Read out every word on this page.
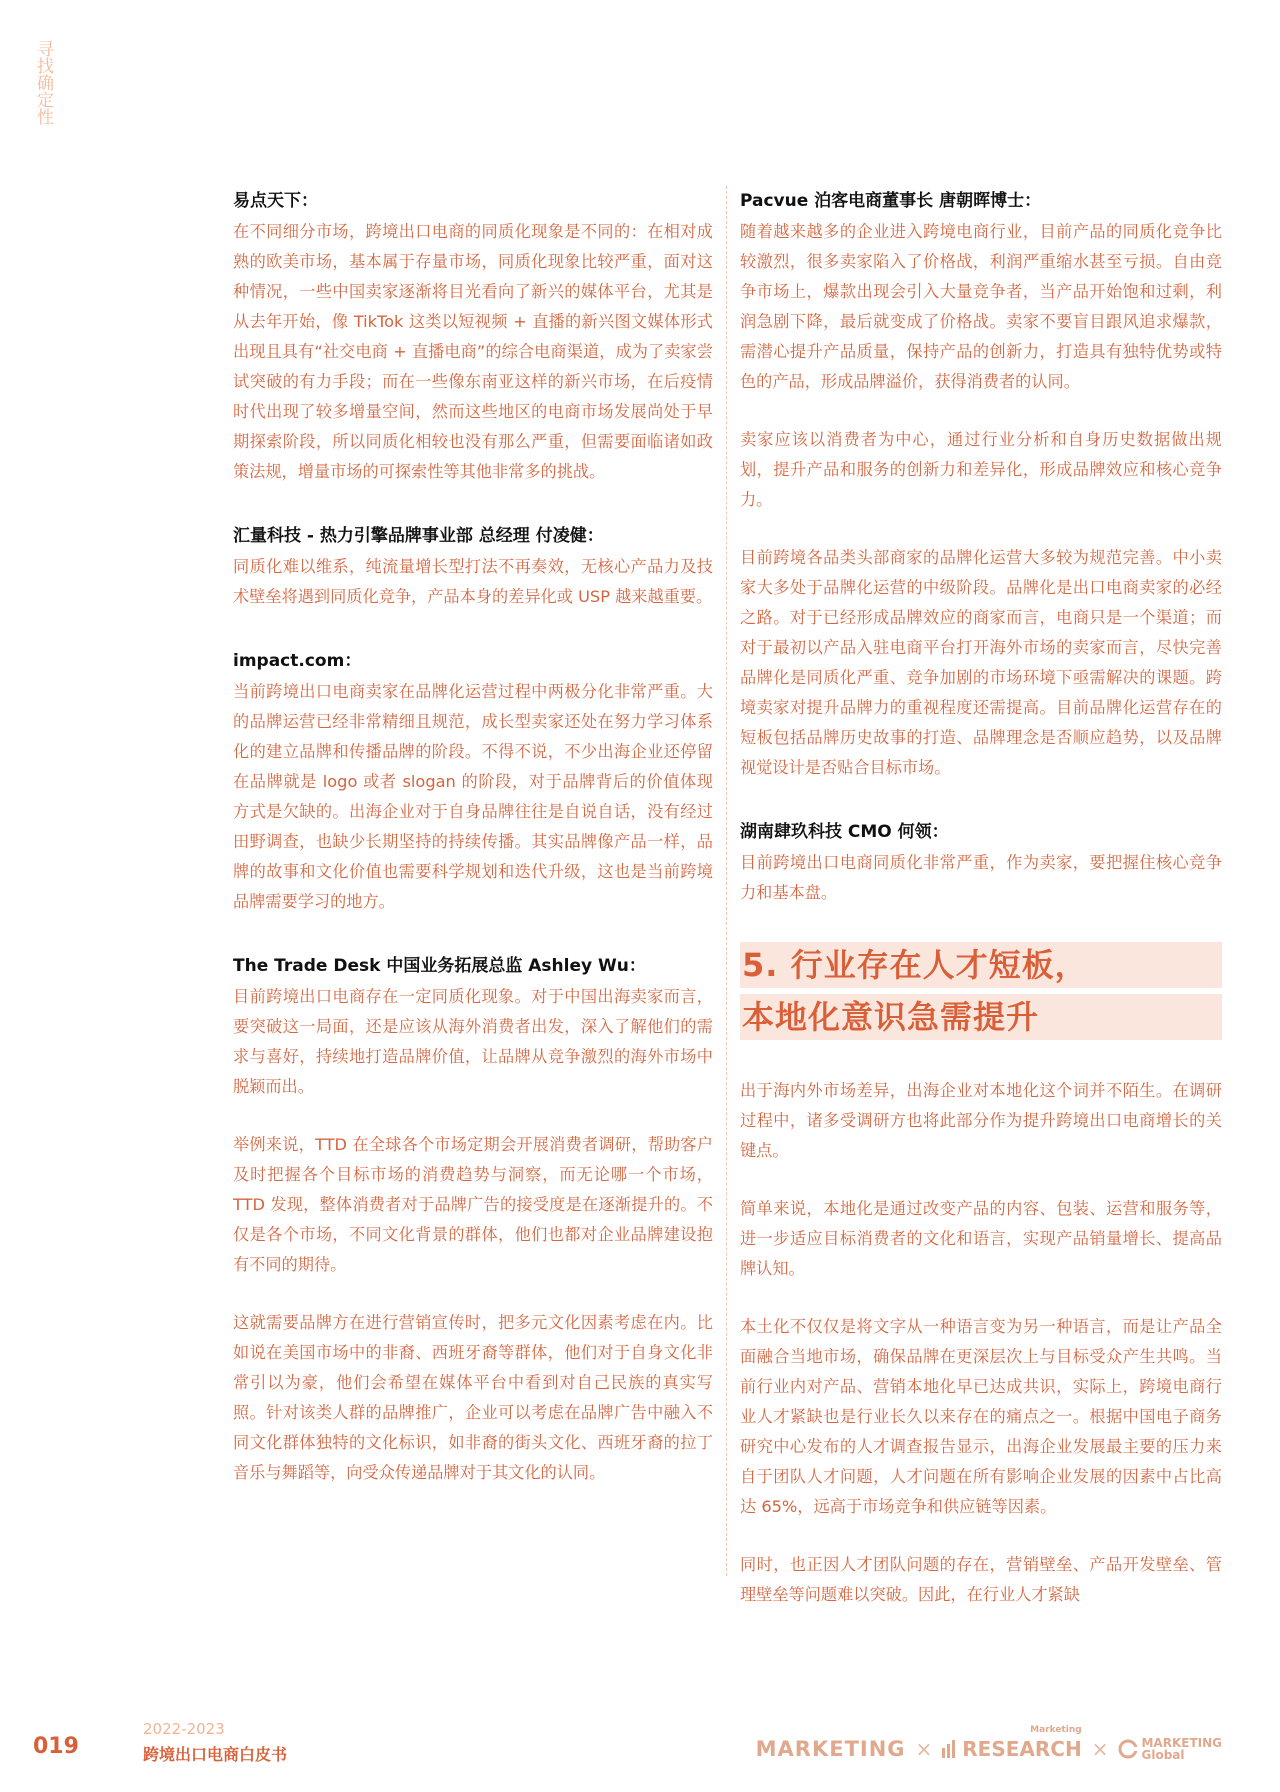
寻找确定性
易点天下：
在不同细分市场，跨境出口电商的同质化现象是不同的：在相对成熟的欧美市场，基本属于存量市场，同质化现象比较严重，面对这种情况，一些中国卖家逐渐将目光看向了新兴的媒体平台，尤其是从去年开始，像 TikTok 这类以短视频 + 直播的新兴图文媒体形式出现且具有“社交电商 + 直播电商”的综合电商渠道，成为了卖家尝试突破的有力手段；而在一些像东南亚这样的新兴市场，在后疫情时代出现了较多增量空间，然而这些地区的电商市场发展尚处于早期探索阶段，所以同质化相较也没有那么严重，但需要面临诸如政策法规，增量市场的可探索性等其他非常多的挑战。
汇量科技 - 热力引擎品牌事业部 总经理 付凌健：
同质化难以维系，纯流量增长型打法不再奏效，无核心产品力及技术壁垒将遇到同质化竞争，产品本身的差异化或 USP 越来越重要。
impact.com：
当前跨境出口电商卖家在品牌化运营过程中两极分化非常严重。大的品牌运营已经非常精细且规范，成长型卖家还处在努力学习体系化的建立品牌和传播品牌的阶段。不得不说，不少出海企业还停留在品牌就是 logo 或者 slogan 的阶段，对于品牌背后的价值体现方式是欠缺的。出海企业对于自身品牌往往是自说自话，没有经过田野调查，也缺少长期坚持的持续传播。其实品牌像产品一样，品牌的故事和文化价值也需要科学规划和迭代升级，这也是当前跨境品牌需要学习的地方。
The Trade Desk 中国业务拓展总监 Ashley Wu：
目前跨境出口电商存在一定同质化现象。对于中国出海卖家而言，要突破这一局面，还是应该从海外消费者出发，深入了解他们的需求与喜好，持续地打造品牌价值，让品牌从竞争激烈的海外市场中脱颖而出。
举例来说，TTD 在全球各个市场定期会开展消费者调研，帮助客户及时把握各个目标市场的消费趋势与洞察，而无论哪一个市场，TTD 发现，整体消费者对于品牌广告的接受度是在逐渐提升的。不仅是各个市场，不同文化背景的群体，他们也都对企业品牌建设抱有不同的期待。
这就需要品牌方在进行营销宣传时，把多元文化因素考虑在内。比如说在美国市场中的非裔、西班牙裔等群体，他们对于自身文化非常引以为豪，他们会希望在媒体平台中看到对自己民族的真实写照。针对该类人群的品牌推广，企业可以考虑在品牌广告中融入不同文化群体独特的文化标识，如非裔的街头文化、西班牙裔的拉丁音乐与舞蹈等，向受众传递品牌对于其文化的认同。
Pacvue 泊客电商董事长 唐朝晖博士：
随着越来越多的企业进入跨境电商行业，目前产品的同质化竞争比较激烈，很多卖家陷入了价格战，利润严重缩水甚至亏损。自由竞争市场上，爆款出现会引入大量竞争者，当产品开始饱和过剩，利润急剧下降，最后就变成了价格战。卖家不要盲目跟风追求爆款，需潜心提升产品质量，保持产品的创新力，打造具有独特优势或特色的产品，形成品牌溢价，获得消费者的认同。
卖家应该以消费者为中心，通过行业分析和自身历史数据做出规划，提升产品和服务的创新力和差异化，形成品牌效应和核心竞争力。
目前跨境各品类头部商家的品牌化运营大多较为规范完善。中小卖家大多处于品牌化运营的中级阶段。品牌化是出口电商卖家的必经之路。对于已经形成品牌效应的商家而言，电商只是一个渠道；而对于最初以产品入驻电商平台打开海外市场的卖家而言，尽快完善品牌化是同质化严重、竞争加剧的市场环境下亟需解决的课题。跨境卖家对提升品牌力的重视程度还需提高。目前品牌化运营存在的短板包括品牌历史故事的打造、品牌理念是否顺应趋势，以及品牌视觉设计是否贴合目标市场。
湖南肆玖科技 CMO 何领：
目前跨境出口电商同质化非常严重，作为卖家，要把握住核心竞争力和基本盘。
5. 行业存在人才短板，
本地化意识急需提升
出于海内外市场差异，出海企业对本地化这个词并不陌生。在调研过程中，诸多受调研方也将此部分作为提升跨境出口电商增长的关键点。
简单来说，本地化是通过改变产品的内容、包装、运营和服务等，进一步适应目标消费者的文化和语言，实现产品销量增长、提高品牌认知。
本土化不仅仅是将文字从一种语言变为另一种语言，而是让产品全面融合当地市场，确保品牌在更深层次上与目标受众产生共鸣。当前行业内对产品、营销本地化早已达成共识，实际上，跨境电商行业人才紧缺也是行业长久以来存在的痛点之一。根据中国电子商务研究中心发布的人才调查报告显示，出海企业发展最主要的压力来自于团队人才问题，人才问题在所有影响企业发展的因素中占比高达 65%，远高于市场竞争和供应链等因素。
同时，也正因人才团队问题的存在，营销壁垒、产品开发壁垒、管理壁垒等问题难以突破。因此，在行业人才紧缺
019
2022-2023
跨境出口电商白皮书	MARKETING ×
Marketing
RESEARCH ×	MARKETING
Global
